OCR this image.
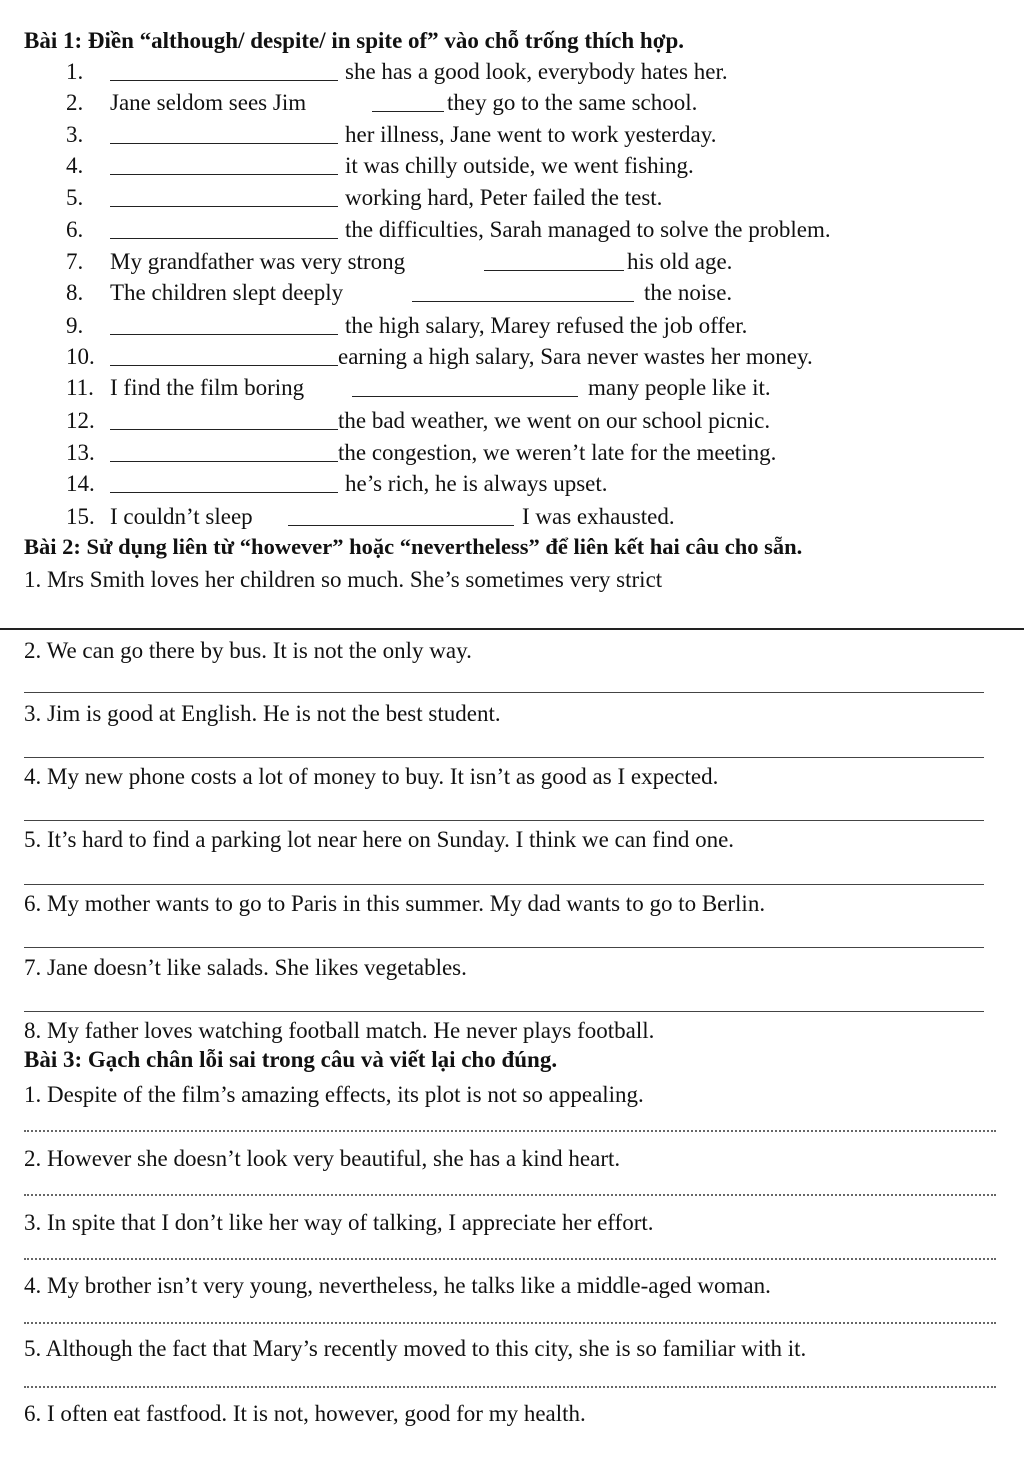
Bài 1: Điền “although/ despite/ in spite of” vào chỗ trống thích hợp.
1.	she has a good look, everybody hates her.
2. Jane seldom sees Jim	they go to the same school.
3.	her illness, Jane went to work yesterday.
4.	it was chilly outside, we went fishing.
5.	working hard, Peter failed the test.
6.	the difficulties, Sarah managed to solve the problem.
7. My grandfather was very strong	his old age.
8. The children slept deeply	the noise.
9.	the high salary, Marey refused the job offer.
10.	earning a high salary, Sara never wastes her money.
11. I find the film boring	many people like it.
12.	the bad weather, we went on our school picnic.
13.	the congestion, we weren’t late for the meeting.
14.	he’s rich, he is always upset.
15. I couldn’t sleep	I was exhausted.
Bài 2: Sử dụng liên từ “however” hoặc “nevertheless” để liên kết hai câu cho sẵn.
1. Mrs Smith loves her children so much. She’s sometimes very strict
2. We can go there by bus. It is not the only way.
3. Jim is good at English. He is not the best student.
4. My new phone costs a lot of money to buy. It isn’t as good as I expected.
5. It’s hard to find a parking lot near here on Sunday. I think we can find one.
6. My mother wants to go to Paris in this summer. My dad wants to go to Berlin.
7. Jane doesn’t like salads. She likes vegetables.
8. My father loves watching football match. He never plays football.
Bài 3: Gạch chân lỗi sai trong câu và viết lại cho đúng.
1. Despite of the film’s amazing effects, its plot is not so appealing.
2. However she doesn’t look very beautiful, she has a kind heart.
3. In spite that I don’t like her way of talking, I appreciate her effort.
4. My brother isn’t very young, nevertheless, he talks like a middle-aged woman.
5. Although the fact that Mary’s recently moved to this city, she is so familiar with it.
6. I often eat fastfood. It is not, however, good for my health.
